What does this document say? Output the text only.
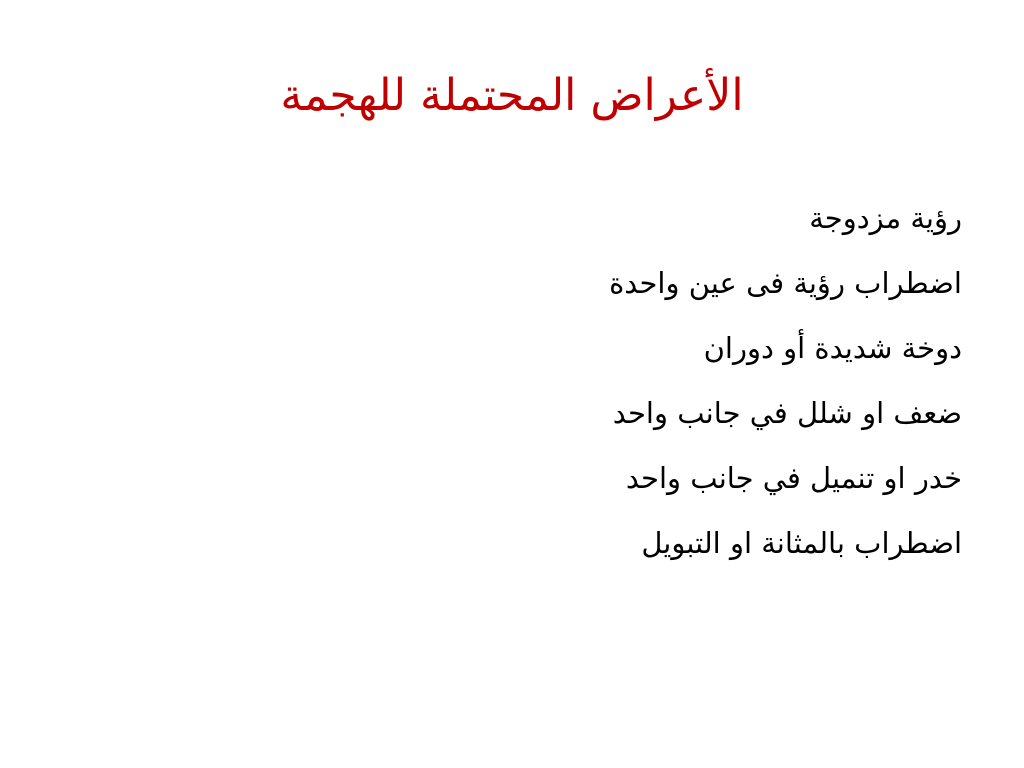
الأعراض المحتملة للهجمة
رؤية مزدوجة
اضطراب رؤية فى عين واحدة
دوخة شديدة أو دوران
ضعف او شلل في جانب واحد
خدر او تنميل في جانب واحد
اضطراب بالمثانة او التبويل
